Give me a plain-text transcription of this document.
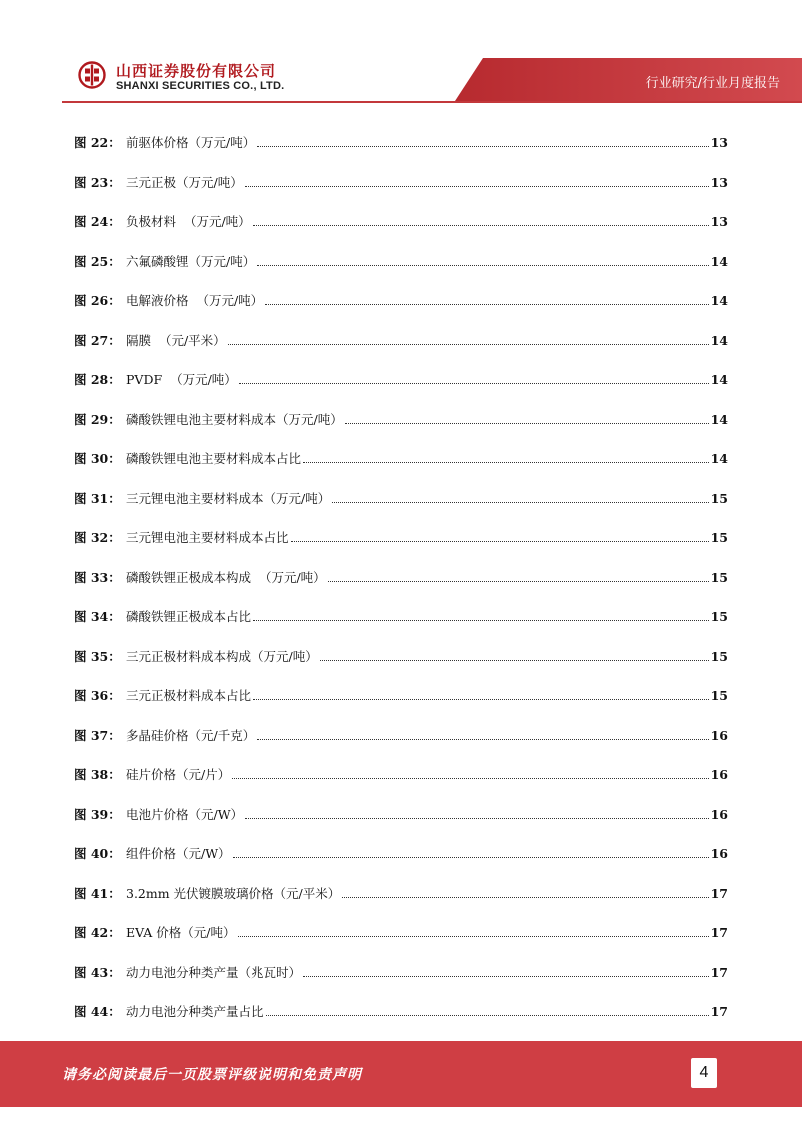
山西证券股份有限公司
SHANXI SECURITIES CO., LTD.	行业研究/行业月度报告
图 22： 前驱体价格（万元/吨）	13
图 23： 三元正极（万元/吨）	13
图 24： 负极材料  （万元/吨）	13
图 25： 六氟磷酸锂（万元/吨）	14
图 26： 电解液价格  （万元/吨）	14
图 27： 隔膜  （元/平米）	14
图 28： PVDF  （万元/吨）	14
图 29： 磷酸铁锂电池主要材料成本（万元/吨）	14
图 30： 磷酸铁锂电池主要材料成本占比	14
图 31： 三元锂电池主要材料成本（万元/吨）	15
图 32： 三元锂电池主要材料成本占比	15
图 33： 磷酸铁锂正极成本构成  （万元/吨）	15
图 34： 磷酸铁锂正极成本占比	15
图 35： 三元正极材料成本构成（万元/吨）	15
图 36： 三元正极材料成本占比	15
图 37： 多晶硅价格（元/千克）	16
图 38： 硅片价格（元/片）	16
图 39： 电池片价格（元/W）	16
图 40： 组件价格（元/W）	16
图 41： 3.2mm 光伏镀膜玻璃价格（元/平米）	17
图 42： EVA 价格（元/吨）	17
图 43： 动力电池分种类产量（兆瓦时）	17
图 44： 动力电池分种类产量占比	17
请务必阅读最后一页股票评级说明和免责声明	4
